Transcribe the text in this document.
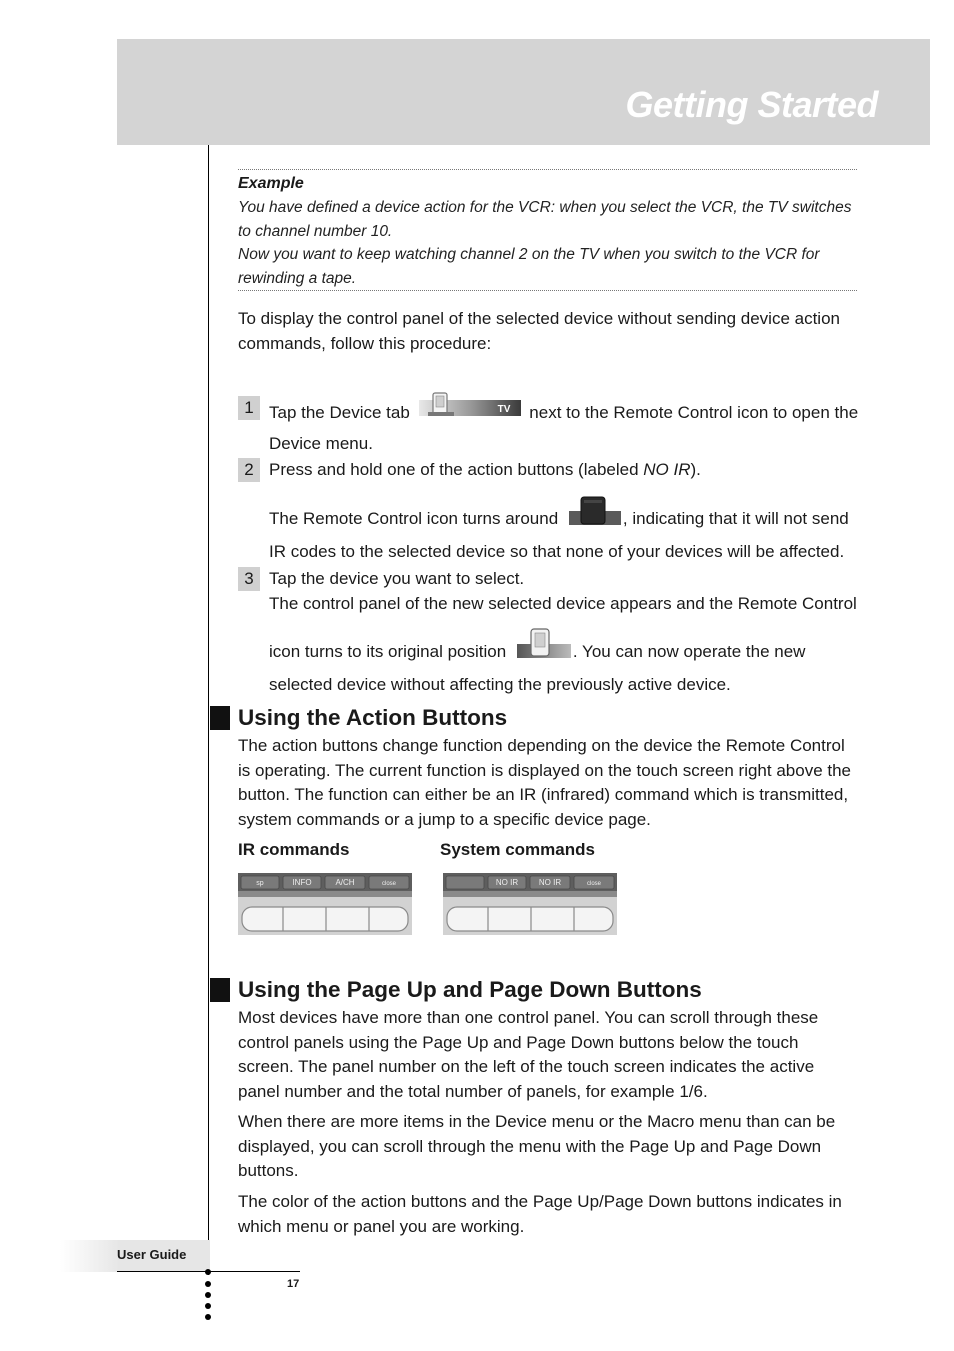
Getting Started
Example
You have defined a device action for the VCR: when you select the VCR, the TV switches to channel number 10.
Now you want to keep watching channel 2 on the TV when you switch to the VCR for rewinding a tape.
To display the control panel of the selected device without sending device action commands, follow this procedure:
1 Tap the Device tab	TV next to the Remote Control icon to open the Device menu.
2 Press and hold one of the action buttons (labeled NO IR).
The Remote Control icon turns around	, indicating that it will not send IR codes to the selected device so that none of your devices will be affected.
3 Tap the device you want to select.
The control panel of the new selected device appears and the Remote Control
icon turns to its original position	. You can now operate the new selected device without affecting the previously active device.
Using the Action Buttons
The action buttons change function depending on the device the Remote Control is operating. The current function is displayed on the touch screen right above the button. The function can either be an IR (infrared) command which is transmitted, system commands or a jump to a specific device page.
IR commands	System commands
sp	INFO	A/CH	close	NO IR	NO IR	close
Using the Page Up and Page Down Buttons
Most devices have more than one control panel. You can scroll through these control panels using the Page Up and Page Down buttons below the touch screen. The panel number on the left of the touch screen indicates the active panel number and the total number of panels, for example 1/6.
When there are more items in the Device menu or the Macro menu than can be displayed, you can scroll through the menu with the Page Up and Page Down buttons.
The color of the action buttons and the Page Up/Page Down buttons indicates in which menu or panel you are working.
User Guide
17
